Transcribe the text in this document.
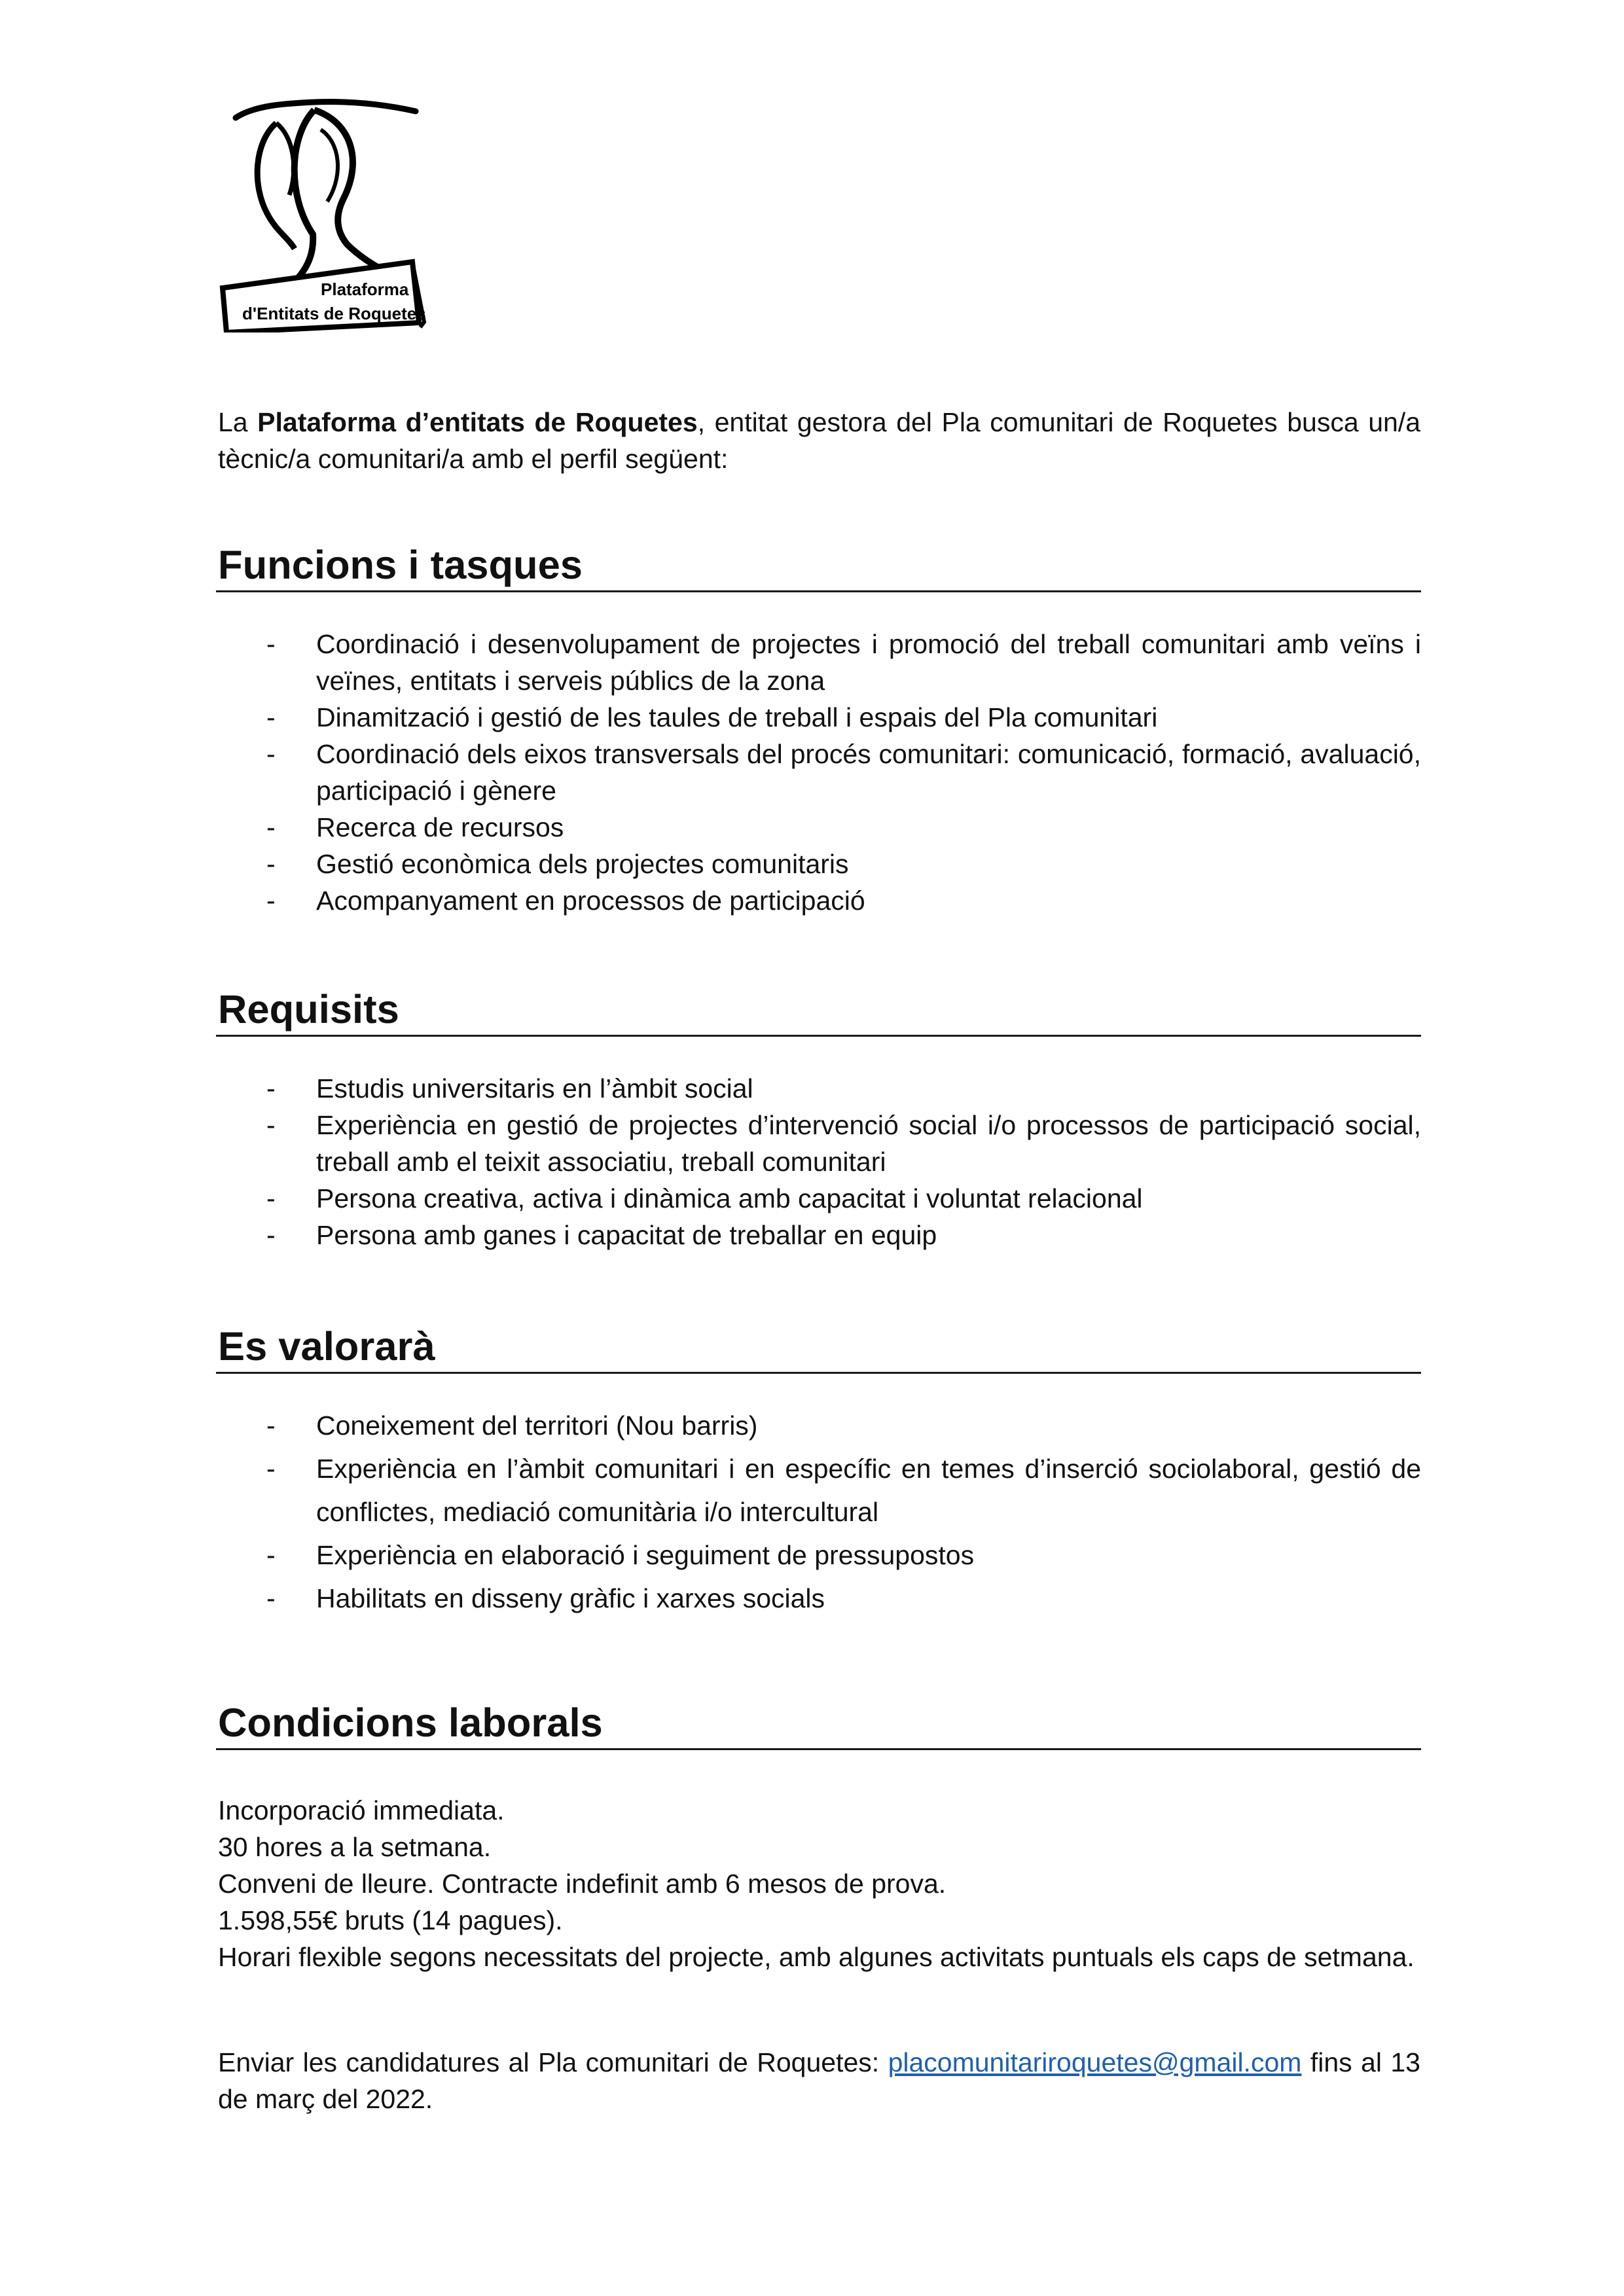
Plataforma
d'Entitats de Roquetes

La Plataforma d’entitats de Roquetes, entitat gestora del Pla comunitari de Roquetes busca un/a tècnic/a comunitari/a amb el perfil següent:

Funcions i tasques
- Coordinació i desenvolupament de projectes i promoció del treball comunitari amb veïns i veïnes, entitats i serveis públics de la zona
- Dinamització i gestió de les taules de treball i espais del Pla comunitari
- Coordinació dels eixos transversals del procés comunitari: comunicació, formació, avaluació, participació i gènere
- Recerca de recursos
- Gestió econòmica dels projectes comunitaris
- Acompanyament en processos de participació
Requisits
- Estudis universitaris en l’àmbit social
- Experiència en gestió de projectes d’intervenció social i/o processos de participació social, treball amb el teixit associatiu, treball comunitari
- Persona creativa, activa i dinàmica amb capacitat i voluntat relacional
- Persona amb ganes i capacitat de treballar en equip
Es valorarà
- Coneixement del territori (Nou barris)
- Experiència en l’àmbit comunitari i en específic en temes d’inserció sociolaboral, gestió de conflictes, mediació comunitària i/o intercultural
- Experiència en elaboració i seguiment de pressupostos
- Habilitats en disseny gràfic i xarxes socials
Condicions laborals

Incorporació immediata.

30 hores a la setmana.

Conveni de lleure. Contracte indefinit amb 6 mesos de prova.

1.598,55€ bruts (14 pagues).

Horari flexible segons necessitats del projecte, amb algunes activitats puntuals els caps de setmana.

Enviar les candidatures al Pla comunitari de Roquetes: placomunitariroquetes@gmail.com fins al 13 de març del 2022.
